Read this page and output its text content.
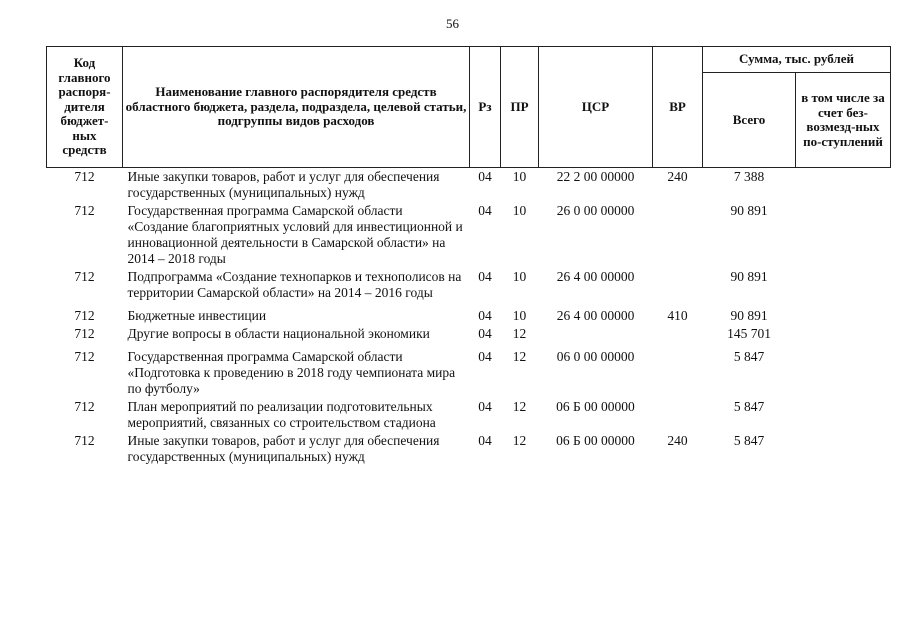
56
Код главного распоря-дителя бюджет-ных средств	Наименование главного распорядителя средств областного бюджета, раздела, подраздела, целевой статьи, подгруппы видов расходов	Рз	ПР	ЦСР	ВР	Сумма, тыс. рублей	
						Всего	в том числе за счет без-возмезд-ных по-ступлений
712	Иные закупки товаров, работ и услуг для обеспечения государственных (муниципальных) нужд	04	10	22 2 00 00000	240	7 388	
712	Государственная программа Самарской области «Создание благоприятных условий для инвестиционной и инновационной деятельности в Самарской области» на 2014 – 2018 годы	04	10	26 0 00 00000		90 891	
712	Подпрограмма «Создание технопарков и технополисов на территории Самарской области» на 2014 – 2016 годы	04	10	26 4 00 00000		90 891	
712	Бюджетные инвестиции	04	10	26 4 00 00000	410	90 891	
712	Другие вопросы в области национальной экономики	04	12			145 701	
712	Государственная программа Самарской области «Подготовка к проведению в 2018 году чемпионата мира по футболу»	04	12	06 0 00 00000		5 847	
712	План мероприятий по реализации подготовительных мероприятий, связанных со строительством стадиона	04	12	06 Б 00 00000		5 847	
712	Иные закупки товаров, работ и услуг для обеспечения государственных (муниципальных) нужд	04	12	06 Б 00 00000	240	5 847	
